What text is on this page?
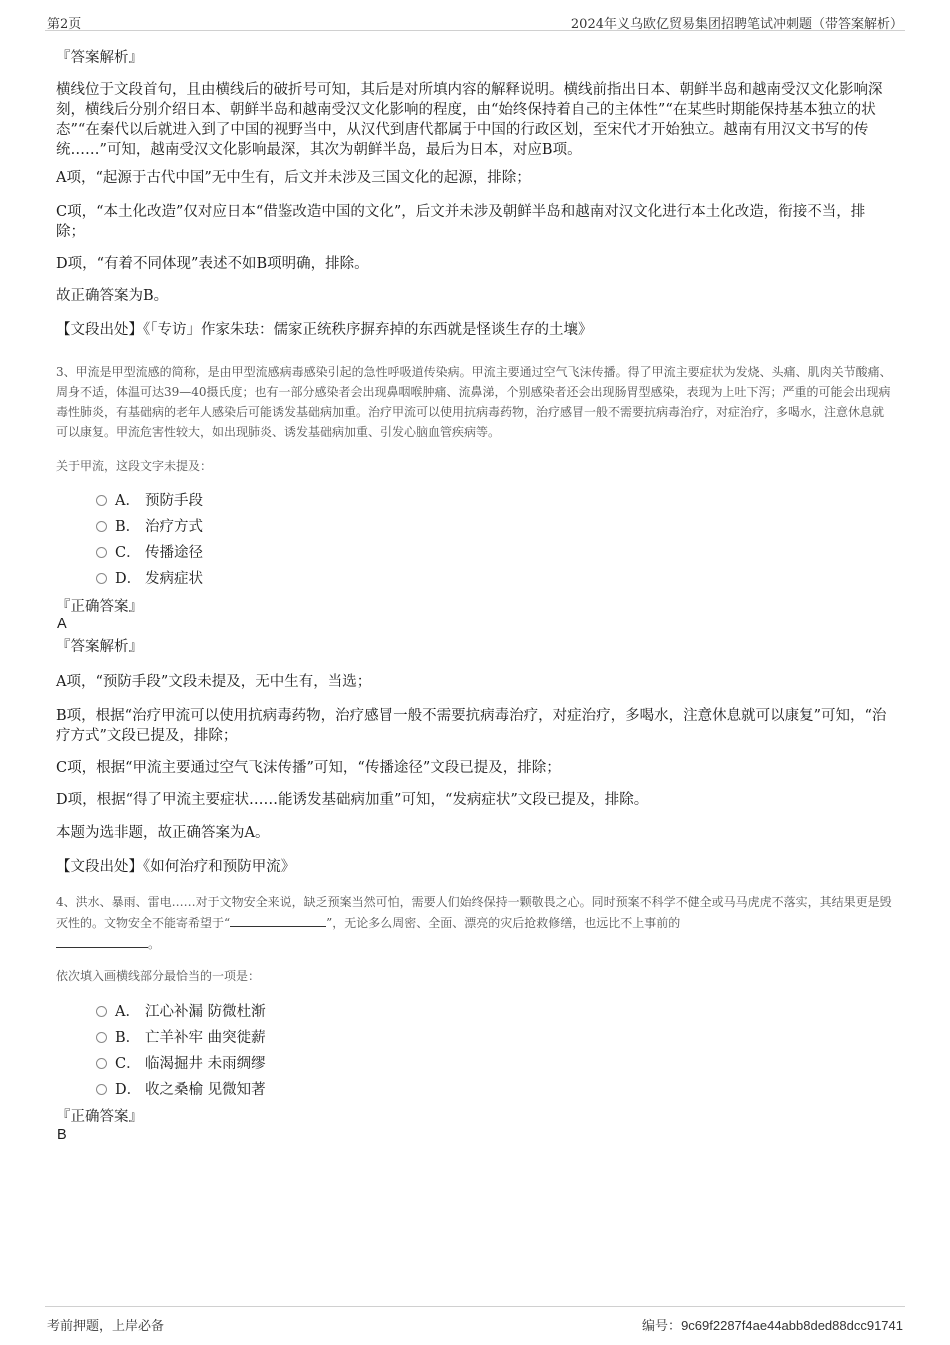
第2页	2024年义乌欧亿贸易集团招聘笔试冲刺题（带答案解析）
『答案解析』
横线位于文段首句，且由横线后的破折号可知，其后是对所填内容的解释说明。横线前指出日本、朝鲜半岛和越南受汉文化影响深刻，横线后分别介绍日本、朝鲜半岛和越南受汉文化影响的程度，由“始终保持着自己的主体性”“在某些时期能保持基本独立的状态”“在秦代以后就进入到了中国的视野当中，从汉代到唐代都属于中国的行政区划，至宋代才开始独立。越南有用汉文书写的传统……”可知，越南受汉文化影响最深，其次为朝鲜半岛，最后为日本，对应B项。
A项，“起源于古代中国”无中生有，后文并未涉及三国文化的起源，排除；
C项，“本土化改造”仅对应日本“借鉴改造中国的文化”，后文并未涉及朝鲜半岛和越南对汉文化进行本土化改造，衔接不当，排除；
D项，“有着不同体现”表述不如B项明确，排除。
故正确答案为B。
【文段出处】《「专访」作家朱珐：儒家正统秩序摒弃掉的东西就是怪谈生存的土壤》
3、甲流是甲型流感的简称，是由甲型流感病毒感染引起的急性呼吸道传染病。甲流主要通过空气飞沫传播。得了甲流主要症状为发烧、头痛、肌肉关节酸痛、周身不适，体温可达39—40摄氏度；也有一部分感染者会出现鼻咽喉肿痛、流鼻涕，个别感染者还会出现肠胃型感染，表现为上吐下泻；严重的可能会出现病毒性肺炎，有基础病的老年人感染后可能诱发基础病加重。治疗甲流可以使用抗病毒药物，治疗感冒一般不需要抗病毒治疗，对症治疗，多喝水，注意休息就可以康复。甲流危害性较大，如出现肺炎、诱发基础病加重、引发心脑血管疾病等。
关于甲流，这段文字未提及：
A． 预防手段
B． 治疗方式
C． 传播途径
D． 发病症状
『正确答案』
A
『答案解析』
A项，“预防手段”文段未提及，无中生有，当选；
B项，根据“治疗甲流可以使用抗病毒药物，治疗感冒一般不需要抗病毒治疗，对症治疗，多喝水，注意休息就可以康复”可知，“治疗方式”文段已提及，排除；
C项，根据“甲流主要通过空气飞沫传播”可知，“传播途径”文段已提及，排除；
D项，根据“得了甲流主要症状……能诱发基础病加重”可知，“发病症状”文段已提及，排除。
本题为选非题，故正确答案为A。
【文段出处】《如何治疗和预防甲流》
4、洪水、暴雨、雷电……对于文物安全来说，缺乏预案当然可怕，需要人们始终保持一颗敬畏之心。同时预案不科学不健全或马马虎虎不落实，其结果更是毁灭性的。文物安全不能寄希望于“	”，无论多么周密、全面、漂亮的灾后抢救修缮，也远比不上事前的
。
依次填入画横线部分最恰当的一项是：
A． 江心补漏 防微杜渐
B． 亡羊补牢 曲突徙薪
C． 临渴掘井 未雨绸缪
D． 收之桑榆 见微知著
『正确答案』
B
考前押题，上岸必备	编号：9c69f2287f4ae44abb8ded88dcc91741
